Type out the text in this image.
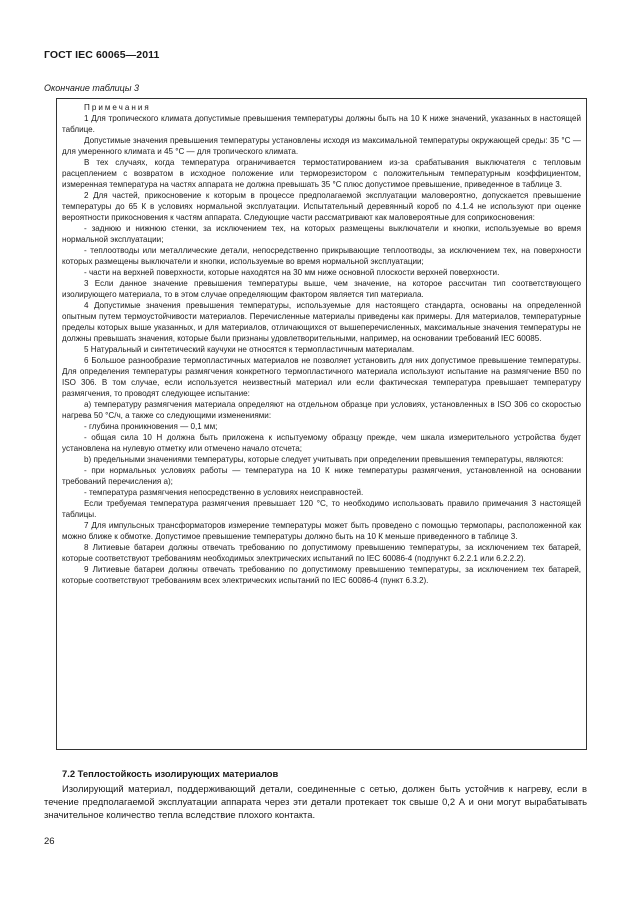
ГОСТ IEC 60065—2011
Окончание таблицы 3

Примечания

1 Для тропического климата допустимые превышения температуры должны быть на 10 К ниже значений, указанных в настоящей таблице.

Допустимые значения превышения температуры установлены исходя из максимальной температуры окружающей среды: 35 °С — для умеренного климата и 45 °С — для тропического климата.

В тех случаях, когда температура ограничивается термостатированием из-за срабатывания выключателя с тепловым расцеплением с возвратом в исходное положение или терморезистором с положительным температурным коэффициентом, измеренная температура на частях аппарата не должна превышать 35 °С плюс допустимое превышение, приведенное в таблице 3.

2 Для частей, прикосновение к которым в процессе предполагаемой эксплуатации маловероятно, допускается превышение температуры до 65 К в условиях нормальной эксплуатации. Испытательный деревянный короб по 4.1.4 не используют при оценке вероятности прикосновения к частям аппарата. Следующие части рассматривают как маловероятные для соприкосновения:

- заднюю и нижнюю стенки, за исключением тех, на которых размещены выключатели и кнопки, используемые во время нормальной эксплуатации;

- теплоотводы или металлические детали, непосредственно прикрывающие теплоотводы, за исключением тех, на поверхности которых размещены выключатели и кнопки, используемые во время нормальной эксплуатации;

- части на верхней поверхности, которые находятся на 30 мм ниже основной плоскости верхней поверхности.

3 Если данное значение превышения температуры выше, чем значение, на которое рассчитан тип соответствующего изолирующего материала, то в этом случае определяющим фактором является тип материала.

4 Допустимые значения превышения температуры, используемые для настоящего стандарта, основаны на определенной опытным путем термоустойчивости материалов. Перечисленные материалы приведены как примеры. Для материалов, температурные пределы которых выше указанных, и для материалов, отличающихся от вышеперечисленных, максимальные значения температуры не должны превышать значения, которые были признаны удовлетворительными, например, на основании требований IEC 60085.

5 Натуральный и синтетический каучуки не относятся к термопластичным материалам.

6 Большое разнообразие термопластичных материалов не позволяет установить для них допустимое превышение температуры. Для определения температуры размягчения конкретного термопластичного материала используют испытание на размягчение B50 по ISO 306. В том случае, если используется неизвестный материал или если фактическая температура превышает температуру размягчения, то проводят следующее испытание:

a) температуру размягчения материала определяют на отдельном образце при условиях, установленных в ISO 306 со скоростью нагрева 50 °С/ч, а также со следующими изменениями:

- глубина проникновения — 0,1 мм;

- общая сила 10 Н должна быть приложена к испытуемому образцу прежде, чем шкала измерительного устройства будет установлена на нулевую отметку или отмечено начало отсчета;

b) предельными значениями температуры, которые следует учитывать при определении превышения температуры, являются:

- при нормальных условиях работы — температура на 10 К ниже температуры размягчения, установленной на основании требований перечисления а);

- температура размягчения непосредственно в условиях неисправностей.

Если требуемая температура размягчения превышает 120 °С, то необходимо использовать правило примечания 3 настоящей таблицы.

7 Для импульсных трансформаторов измерение температуры может быть проведено с помощью термопары, расположенной как можно ближе к обмотке. Допустимое превышение температуры должно быть на 10 К меньше приведенного в таблице 3.

8 Литиевые батареи должны отвечать требованию по допустимому превышению температуры, за исключением тех батарей, которые соответствуют требованиям необходимых электрических испытаний по IEC 60086-4 (подпункт 6.2.2.1 или 6.2.2.2).

9 Литиевые батареи должны отвечать требованию по допустимому превышению температуры, за исключением тех батарей, которые соответствуют требованиям всех электрических испытаний по IEC 60086-4 (пункт 6.3.2).

7.2 Теплостойкость изолирующих материалов

Изолирующий материал, поддерживающий детали, соединенные с сетью, должен быть устойчив к нагреву, если в течение предполагаемой эксплуатации аппарата через эти детали протекает ток свыше 0,2 А и они могут вырабатывать значительное количество тепла вследствие плохого контакта.

26
